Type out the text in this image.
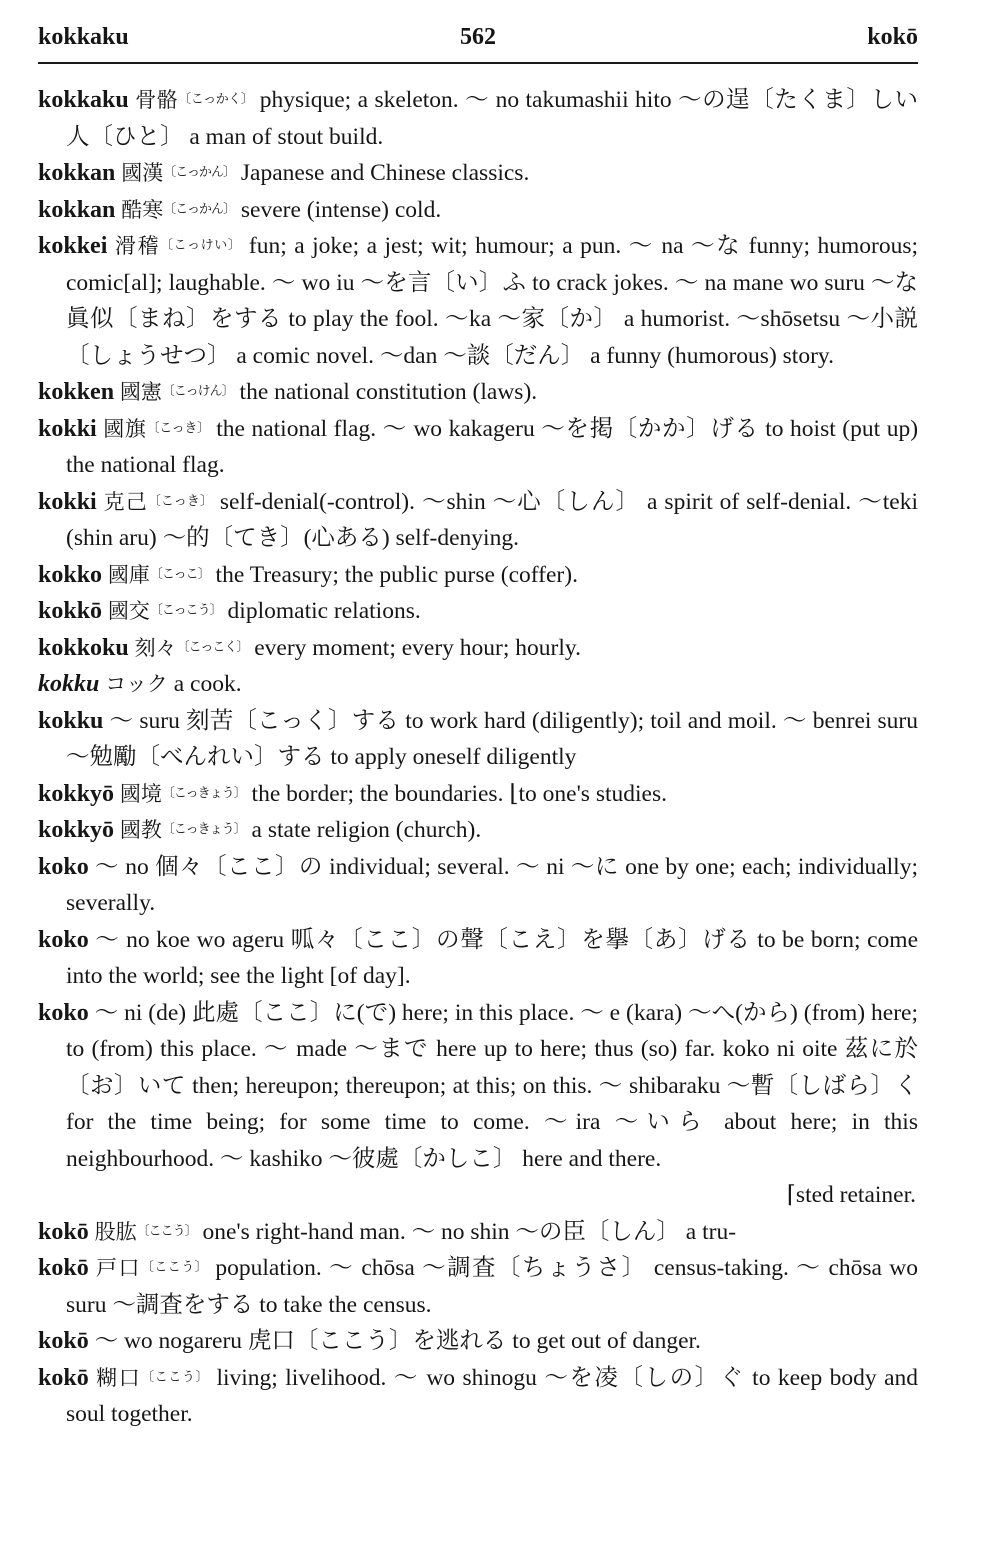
kokkaku	562	kokō
kokkaku 骨骼〔こっかく〕 physique; a skeleton. ～ no takumashii hito ～の逞〔たくま〕しい人〔ひと〕 a man of stout build.
kokkan 國漢〔こっかん〕 Japanese and Chinese classics.
kokkan 酷寒〔こっかん〕 severe (intense) cold.
kokkei 滑稽〔こっけい〕 fun; a joke; a jest; wit; humour; a pun. ～ na ～な funny; humorous; comic[al]; laughable. ～ wo iu ～を言〔い〕ふ to crack jokes. ～ na mane wo suru ～な眞似〔まね〕をする to play the fool. ～ka ～家〔か〕 a humorist. ～shōsetsu ～小説〔しょうせつ〕 a comic novel. ～dan ～談〔だん〕 a funny (humorous) story.
kokken 國憲〔こっけん〕 the national constitution (laws).
kokki 國旗〔こっき〕 the national flag. ～ wo kakageru ～を掲〔かか〕げる to hoist (put up) the national flag.
kokki 克己〔こっき〕 self-denial(-control). ～shin ～心〔しん〕 a spirit of self-denial. ～teki (shin aru) ～的〔てき〕(心ある) self-denying.
kokko 國庫〔こっこ〕 the Treasury; the public purse (coffer).
kokkō 國交〔こっこう〕 diplomatic relations.
kokkoku 刻々〔こっこく〕 every moment; every hour; hourly.
kokku コック a cook.
kokku ～ suru 刻苦〔こっく〕する to work hard (diligently); toil and moil. ～ benrei suru ～勉勵〔べんれい〕する to apply oneself diligently
kokkyō 國境〔こっきょう〕 the border; the boundaries. ⌊to one's studies.
kokkyō 國教〔こっきょう〕 a state religion (church).
koko ～ no 個々〔ここ〕の individual; several. ～ ni ～に one by one; each; individually; severally.
koko ～ no koe wo ageru 呱々〔ここ〕の聲〔こえ〕を擧〔あ〕げる to be born; come into the world; see the light [of day].
koko ～ ni (de) 此處〔ここ〕に(で) here; in this place. ～ e (kara) ～へ(から) (from) here; to (from) this place. ～ made ～まで here up to here; thus (so) far. koko ni oite 茲に於〔お〕いて then; hereupon; thereupon; at this; on this. ～ shibaraku ～暫〔しばら〕く for the time being; for some time to come. ～ira ～いら about here; in this neighbourhood. ～ kashiko ～彼處〔かしこ〕 here and there.
⌈sted retainer.
kokō 股肱〔ここう〕 one's right-hand man. ～ no shin ～の臣〔しん〕 a tru-
kokō 戸口〔ここう〕 population. ～ chōsa ～調査〔ちょうさ〕 census-taking. ～ chōsa wo suru ～調査をする to take the census.
kokō ～ wo nogareru 虎口〔ここう〕を逃れる to get out of danger.
kokō 糊口〔ここう〕 living; livelihood. ～ wo shinogu ～を凌〔しの〕ぐ to keep body and soul together.
